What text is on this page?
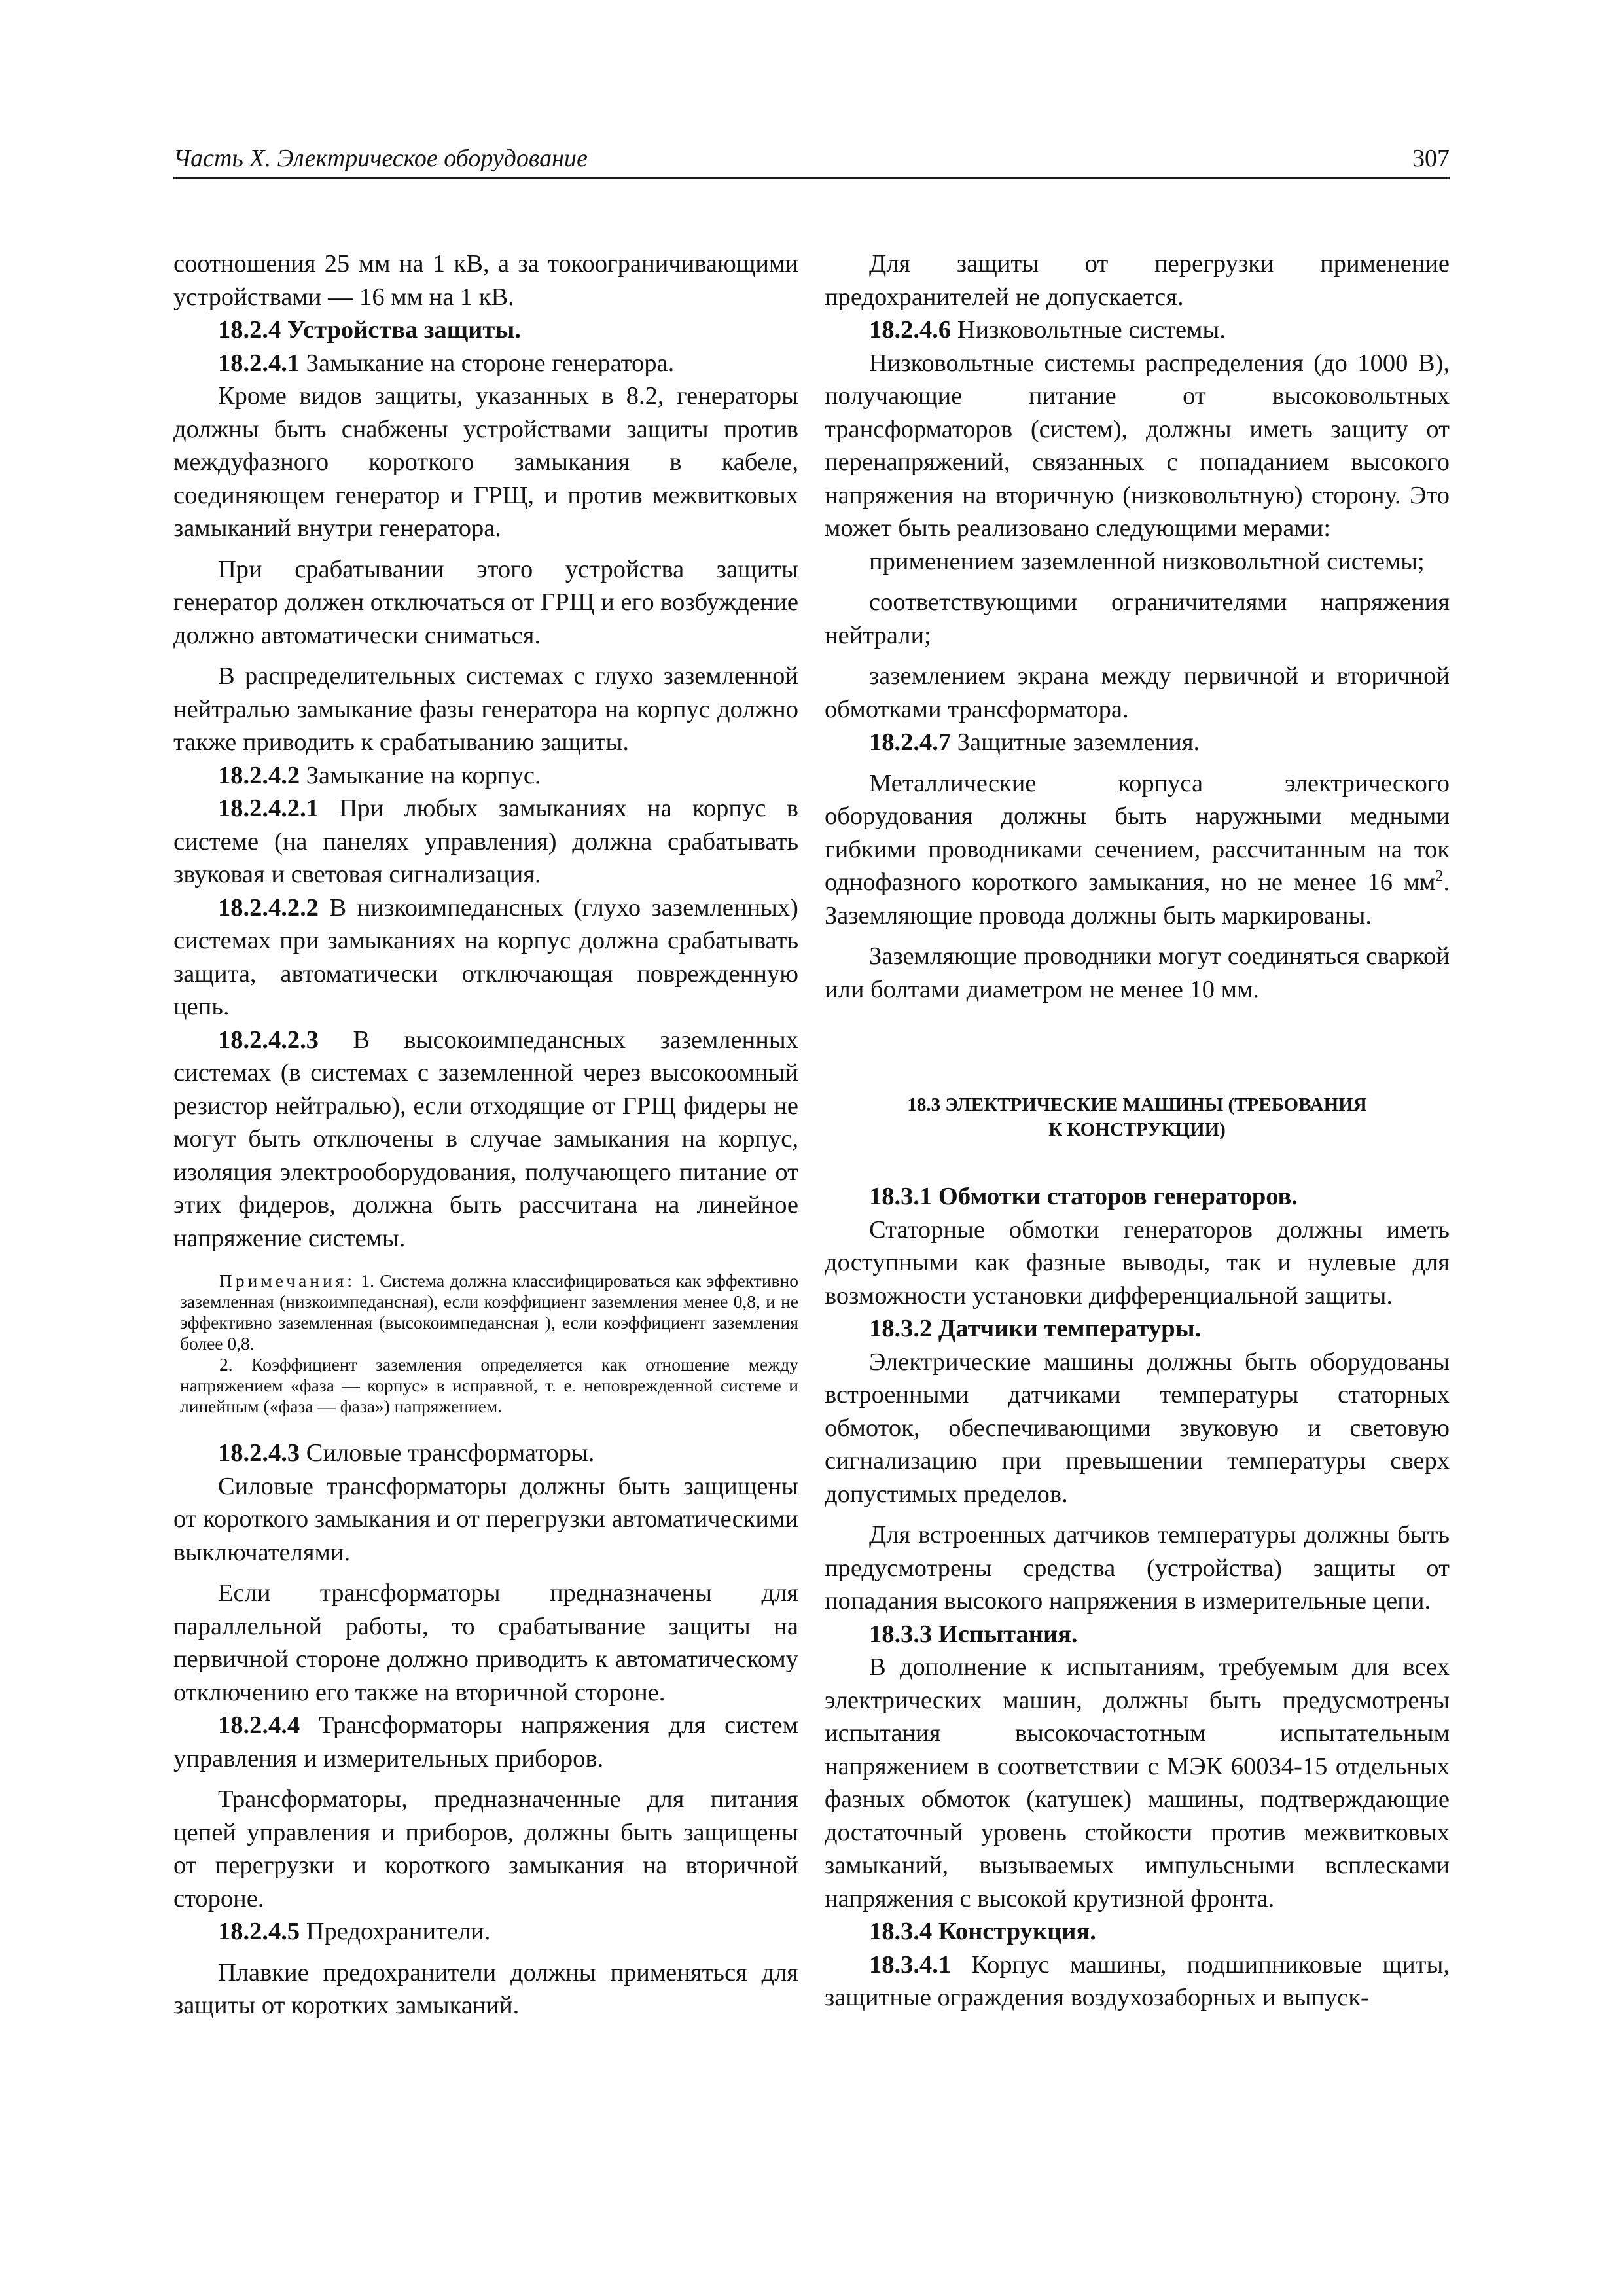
Часть X. Электрическое оборудование	307

соотношения 25 мм на 1 кВ, а за токоограничивающими устройствами — 16 мм на 1 кВ.

18.2.4 Устройства защиты.

18.2.4.1 Замыкание на стороне генератора.

Кроме видов защиты, указанных в 8.2, генераторы должны быть снабжены устройствами защиты против междуфазного короткого замыкания в кабеле, соединяющем генератор и ГРЩ, и против межвитковых замыканий внутри генератора.

При срабатывании этого устройства защиты генератор должен отключаться от ГРЩ и его возбуждение должно автоматически сниматься.

В распределительных системах с глухо заземленной нейтралью замыкание фазы генератора на корпус должно также приводить к срабатыванию защиты.

18.2.4.2 Замыкание на корпус.

18.2.4.2.1 При любых замыканиях на корпус в системе (на панелях управления) должна срабатывать звуковая и световая сигнализация.

18.2.4.2.2 В низкоимпедансных (глухо заземленных) системах при замыканиях на корпус должна срабатывать защита, автоматически отключающая поврежденную цепь.

18.2.4.2.3 В высокоимпедансных заземленных системах (в системах с заземленной через высокоомный резистор нейтралью), если отходящие от ГРЩ фидеры не могут быть отключены в случае замыкания на корпус, изоляция электрооборудования, получающего питание от этих фидеров, должна быть рассчитана на линейное напряжение системы.

Примечания: 1. Система должна классифицироваться как эффективно заземленная (низкоимпедансная), если коэффициент заземления менее 0,8, и не эффективно заземленная (высокоимпедансная ), если коэффициент заземления более 0,8.

2. Коэффициент заземления определяется как отношение между напряжением «фаза — корпус» в исправной, т. е. неповрежденной системе и линейным («фаза — фаза») напряжением.

18.2.4.3 Силовые трансформаторы.

Силовые трансформаторы должны быть защищены от короткого замыкания и от перегрузки автоматическими выключателями.

Если трансформаторы предназначены для параллельной работы, то срабатывание защиты на первичной стороне должно приводить к автоматическому отключению его также на вторичной стороне.

18.2.4.4 Трансформаторы напряжения для систем управления и измерительных приборов.

Трансформаторы, предназначенные для питания цепей управления и приборов, должны быть защищены от перегрузки и короткого замыкания на вторичной стороне.

18.2.4.5 Предохранители.

Плавкие предохранители должны применяться для защиты от коротких замыканий.

Для защиты от перегрузки применение предохранителей не допускается.

18.2.4.6 Низковольтные системы.

Низковольтные системы распределения (до 1000 В), получающие питание от высоковольтных трансформаторов (систем), должны иметь защиту от перенапряжений, связанных с попаданием высокого напряжения на вторичную (низковольтную) сторону. Это может быть реализовано следующими мерами:

применением заземленной низковольтной системы;

соответствующими ограничителями напряжения нейтрали;

заземлением экрана между первичной и вторичной обмотками трансформатора.

18.2.4.7 Защитные заземления.

Металлические корпуса электрического оборудования должны быть наружными медными гибкими проводниками сечением, рассчитанным на ток однофазного короткого замыкания, но не менее 16 $мм^2$. Заземляющие провода должны быть маркированы.

Заземляющие проводники могут соединяться сваркой или болтами диаметром не менее 10 мм.

18.3 ЭЛЕКТРИЧЕСКИЕ МАШИНЫ (ТРЕБОВАНИЯ
К КОНСТРУКЦИИ)

18.3.1 Обмотки статоров генераторов.

Статорные обмотки генераторов должны иметь доступными как фазные выводы, так и нулевые для возможности установки дифференциальной защиты.

18.3.2 Датчики температуры.

Электрические машины должны быть оборудованы встроенными датчиками температуры статорных обмоток, обеспечивающими звуковую и световую сигнализацию при превышении температуры сверх допустимых пределов.

Для встроенных датчиков температуры должны быть предусмотрены средства (устройства) защиты от попадания высокого напряжения в измерительные цепи.

18.3.3 Испытания.

В дополнение к испытаниям, требуемым для всех электрических машин, должны быть предусмотрены испытания высокочастотным испытательным напряжением в соответствии с МЭК 60034-15 отдельных фазных обмоток (катушек) машины, подтверждающие достаточный уровень стойкости против межвитковых замыканий, вызываемых импульсными всплесками напряжения с высокой крутизной фронта.

18.3.4 Конструкция.

18.3.4.1 Корпус машины, подшипниковые щиты, защитные ограждения воздухозаборных и выпуск-
